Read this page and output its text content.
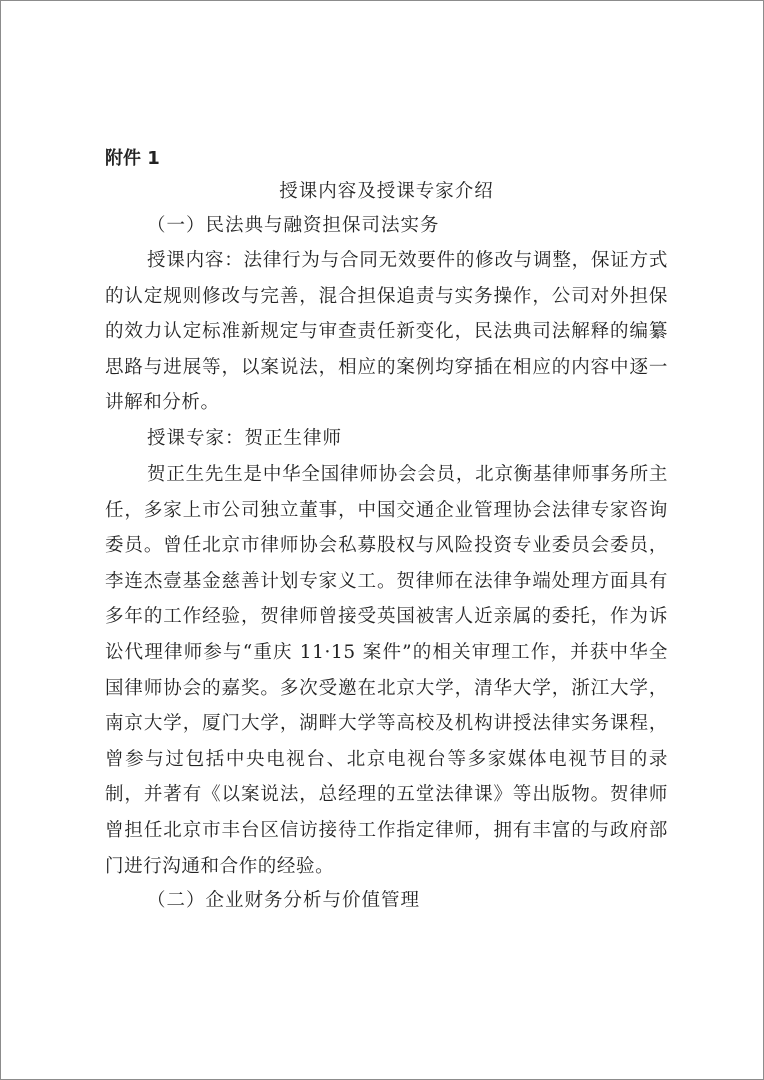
附件 1

授课内容及授课专家介绍

（一）民法典与融资担保司法实务

授课内容：法律行为与合同无效要件的修改与调整，保证方式的认定规则修改与完善，混合担保追责与实务操作，公司对外担保的效力认定标准新规定与审查责任新变化，民法典司法解释的编纂思路与进展等，以案说法，相应的案例均穿插在相应的内容中逐一讲解和分析。

授课专家：贺正生律师

贺正生先生是中华全国律师协会会员，北京衡基律师事务所主任，多家上市公司独立董事，中国交通企业管理协会法律专家咨询委员。曾任北京市律师协会私募股权与风险投资专业委员会委员，李连杰壹基金慈善计划专家义工。贺律师在法律争端处理方面具有多年的工作经验，贺律师曾接受英国被害人近亲属的委托，作为诉讼代理律师参与“重庆 11·15 案件”的相关审理工作，并获中华全国律师协会的嘉奖。多次受邀在北京大学，清华大学，浙江大学，南京大学，厦门大学，湖畔大学等高校及机构讲授法律实务课程，曾参与过包括中央电视台、北京电视台等多家媒体电视节目的录制，并著有《以案说法，总经理的五堂法律课》等出版物。贺律师曾担任北京市丰台区信访接待工作指定律师，拥有丰富的与政府部门进行沟通和合作的经验。

（二）企业财务分析与价值管理
